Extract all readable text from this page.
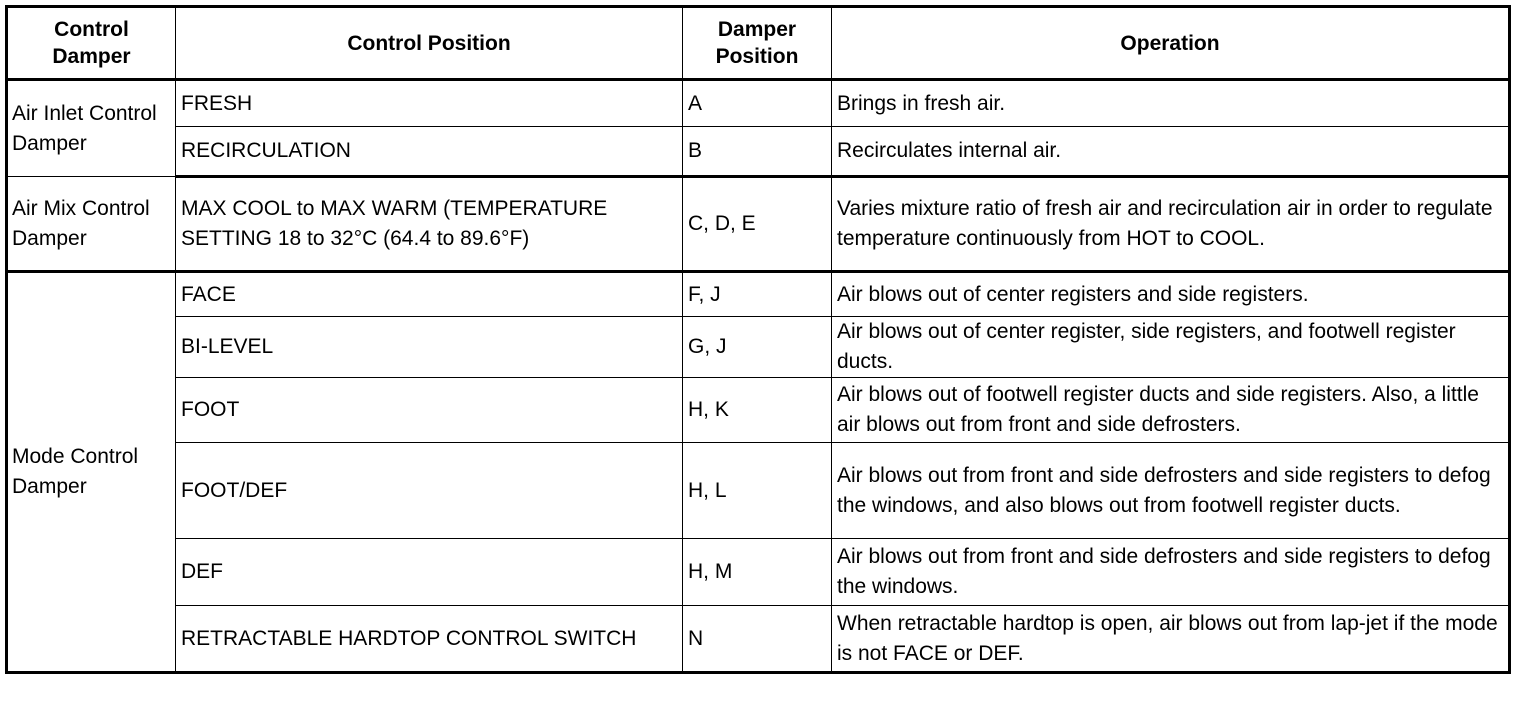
Control Damper	Control Position	Damper Position	Operation
Air Inlet Control Damper	FRESH	A	Brings in fresh air.
	RECIRCULATION	B	Recirculates internal air.
Air Mix Control Damper	MAX COOL to MAX WARM (TEMPERATURE SETTING 18 to 32°C (64.4 to 89.6°F)	C, D, E	Varies mixture ratio of fresh air and recirculation air in order to regulate temperature continuously from HOT to COOL.
Mode Control Damper	FACE	F, J	Air blows out of center registers and side registers.
	BI-LEVEL	G, J	Air blows out of center register, side registers, and footwell register ducts.
	FOOT	H, K	Air blows out of footwell register ducts and side registers. Also, a little air blows out from front and side defrosters.
	FOOT/DEF	H, L	Air blows out from front and side defrosters and side registers to defog the windows, and also blows out from footwell register ducts.
	DEF	H, M	Air blows out from front and side defrosters and side registers to defog the windows.
	RETRACTABLE HARDTOP CONTROL SWITCH	N	When retractable hardtop is open, air blows out from lap-jet if the mode is not FACE or DEF.
